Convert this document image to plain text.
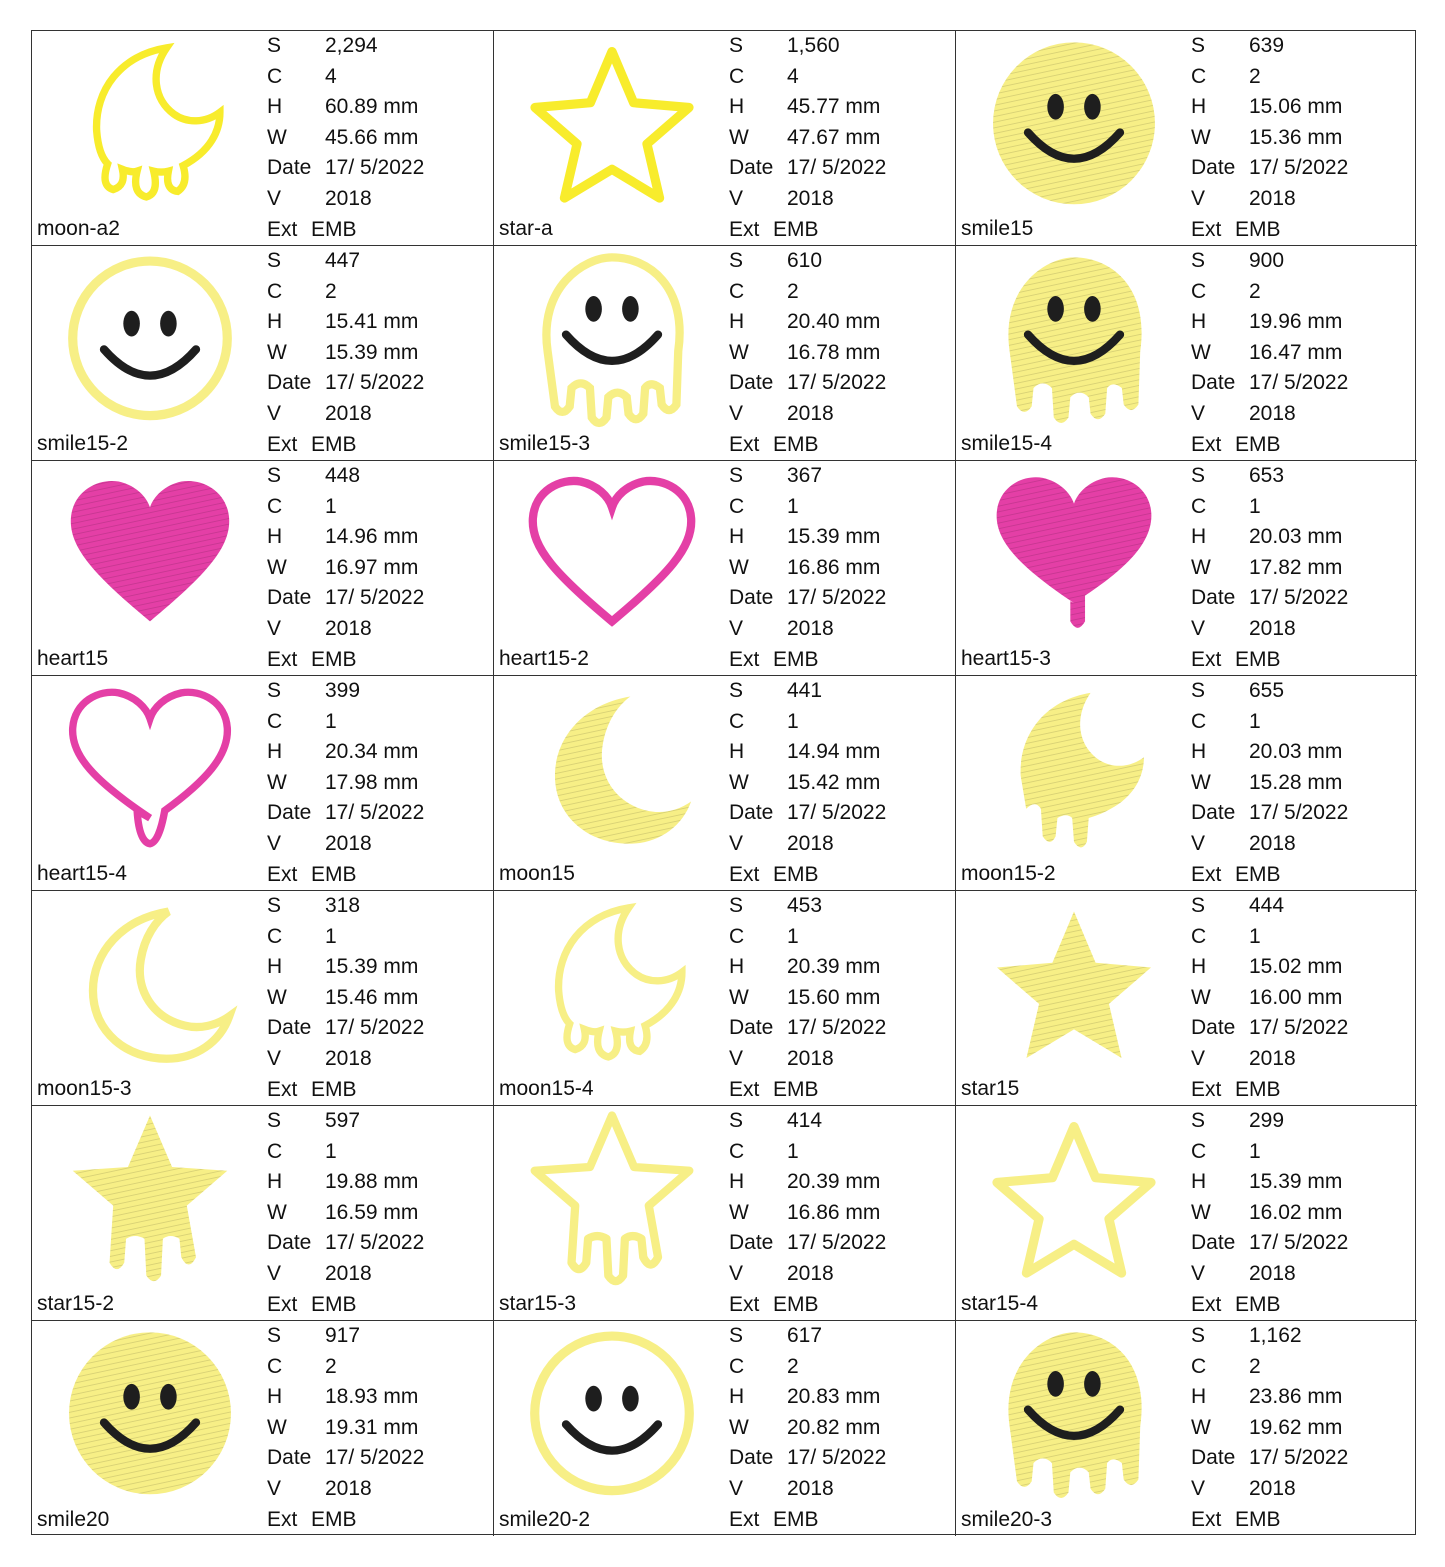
moon-a2
S 2,294
C 4
H 60.89 mm
W 45.66 mm
Date 17/ 5/2022
V 2018
Ext EMB	star-a
S 1,560
C 4
H 45.77 mm
W 47.67 mm
Date 17/ 5/2022
V 2018
Ext EMB	smile15
S 639
C 2
H 15.06 mm
W 15.36 mm
Date 17/ 5/2022
V 2018
Ext EMB
smile15-2
S 447
C 2
H 15.41 mm
W 15.39 mm
Date 17/ 5/2022
V 2018
Ext EMB	smile15-3
S 610
C 2
H 20.40 mm
W 16.78 mm
Date 17/ 5/2022
V 2018
Ext EMB	smile15-4
S 900
C 2
H 19.96 mm
W 16.47 mm
Date 17/ 5/2022
V 2018
Ext EMB
heart15
S 448
C 1
H 14.96 mm
W 16.97 mm
Date 17/ 5/2022
V 2018
Ext EMB	heart15-2
S 367
C 1
H 15.39 mm
W 16.86 mm
Date 17/ 5/2022
V 2018
Ext EMB	heart15-3
S 653
C 1
H 20.03 mm
W 17.82 mm
Date 17/ 5/2022
V 2018
Ext EMB
heart15-4
S 399
C 1
H 20.34 mm
W 17.98 mm
Date 17/ 5/2022
V 2018
Ext EMB	moon15
S 441
C 1
H 14.94 mm
W 15.42 mm
Date 17/ 5/2022
V 2018
Ext EMB	moon15-2
S 655
C 1
H 20.03 mm
W 15.28 mm
Date 17/ 5/2022
V 2018
Ext EMB
moon15-3
S 318
C 1
H 15.39 mm
W 15.46 mm
Date 17/ 5/2022
V 2018
Ext EMB	moon15-4
S 453
C 1
H 20.39 mm
W 15.60 mm
Date 17/ 5/2022
V 2018
Ext EMB	star15
S 444
C 1
H 15.02 mm
W 16.00 mm
Date 17/ 5/2022
V 2018
Ext EMB
star15-2
S 597
C 1
H 19.88 mm
W 16.59 mm
Date 17/ 5/2022
V 2018
Ext EMB	star15-3
S 414
C 1
H 20.39 mm
W 16.86 mm
Date 17/ 5/2022
V 2018
Ext EMB	star15-4
S 299
C 1
H 15.39 mm
W 16.02 mm
Date 17/ 5/2022
V 2018
Ext EMB
smile20
S 917
C 2
H 18.93 mm
W 19.31 mm
Date 17/ 5/2022
V 2018
Ext EMB	smile20-2
S 617
C 2
H 20.83 mm
W 20.82 mm
Date 17/ 5/2022
V 2018
Ext EMB	smile20-3
S 1,162
C 2
H 23.86 mm
W 19.62 mm
Date 17/ 5/2022
V 2018
Ext EMB
